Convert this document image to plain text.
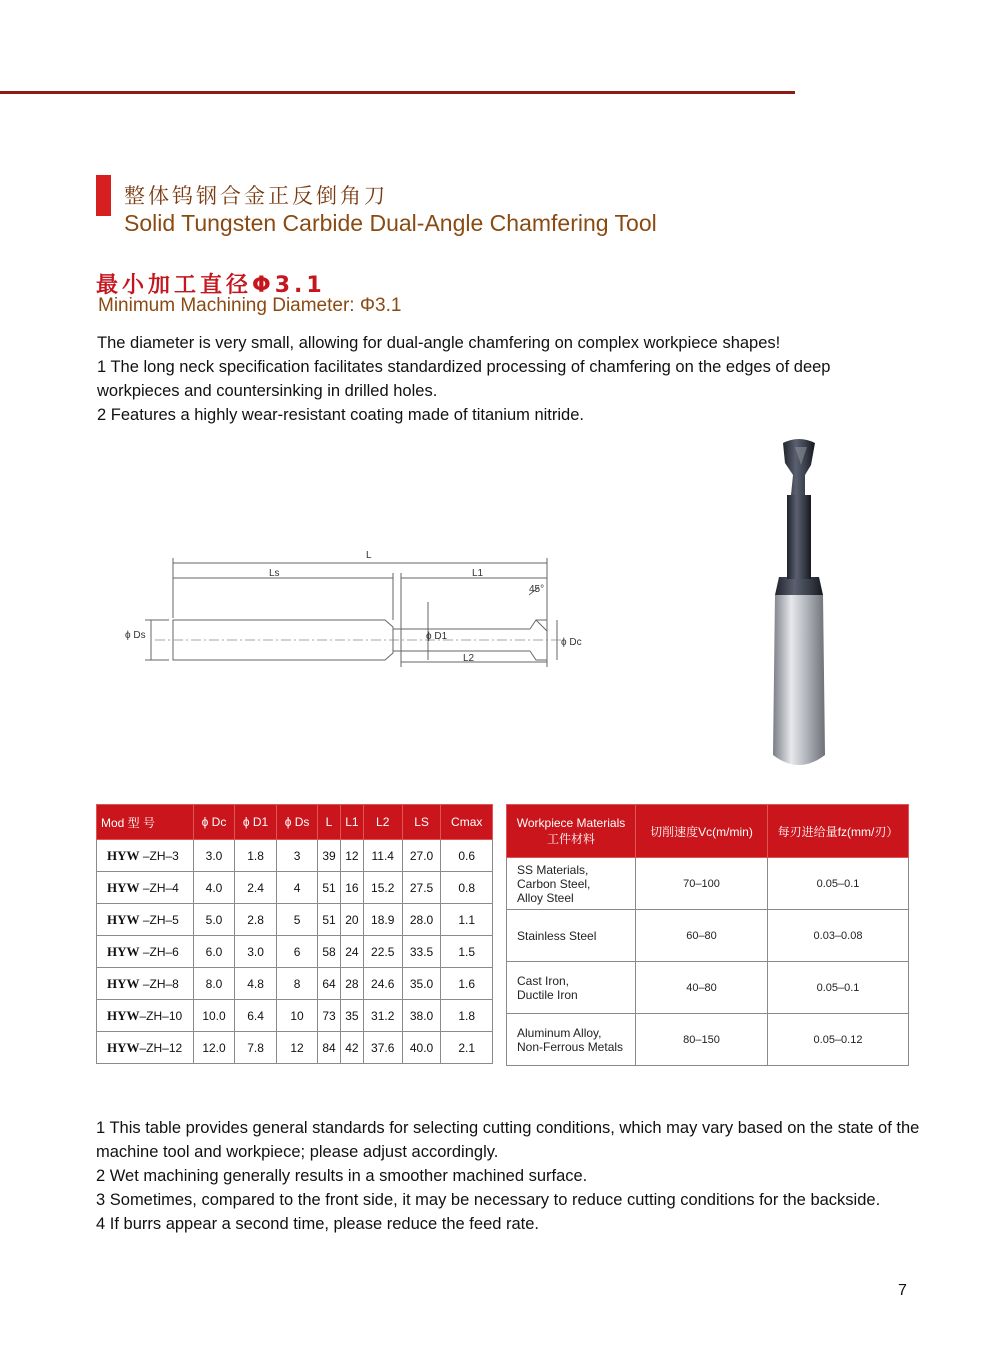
整体钨钢合金正反倒角刀
Solid Tungsten Carbide Dual-Angle Chamfering Tool
最小加工直径Φ3.1
Minimum Machining Diameter: Φ3.1

The diameter is very small, allowing for dual-angle chamfering on complex workpiece shapes!

1 The long neck specification facilitates standardized processing of chamfering on the edges of deep workpieces and countersinking in drilled holes.

2 Features a highly wear-resistant coating made of titanium nitride.

L
Ls	L1
45°
ϕ Ds	ϕ D1
ϕ Dc
L2
Mod 型 号	ϕ Dc	ϕ D1	ϕ Ds	L	L1	L2	LS	Cmax
HYW –ZH–3	3.0	1.8	3	39	12	11.4	27.0	0.6
HYW –ZH–4	4.0	2.4	4	51	16	15.2	27.5	0.8
HYW –ZH–5	5.0	2.8	5	51	20	18.9	28.0	1.1
HYW –ZH–6	6.0	3.0	6	58	24	22.5	33.5	1.5
HYW –ZH–8	8.0	4.8	8	64	28	24.6	35.0	1.6
HYW–ZH–10	10.0	6.4	10	73	35	31.2	38.0	1.8
HYW–ZH–12	12.0	7.8	12	84	42	37.6	40.0	2.1
Workpiece Materials
工件材料	切削速度Vc(m/min)	每刃进给量fz(mm/刃）

SS Materials,
Carbon Steel,
Alloy Steel	70–100	0.05–0.1

Stainless Steel	60–80	0.03–0.08

Cast Iron,
Ductile Iron	40–80	0.05–0.1

Aluminum Alloy,
Non-Ferrous Metals	80–150	0.05–0.12

1 This table provides general standards for selecting cutting conditions, which may vary based on the state of the machine tool and workpiece; please adjust accordingly.

2 Wet machining generally results in a smoother machined surface.

3 Sometimes, compared to the front side, it may be necessary to reduce cutting conditions for the backside.

4 If burrs appear a second time, please reduce the feed rate.

7
